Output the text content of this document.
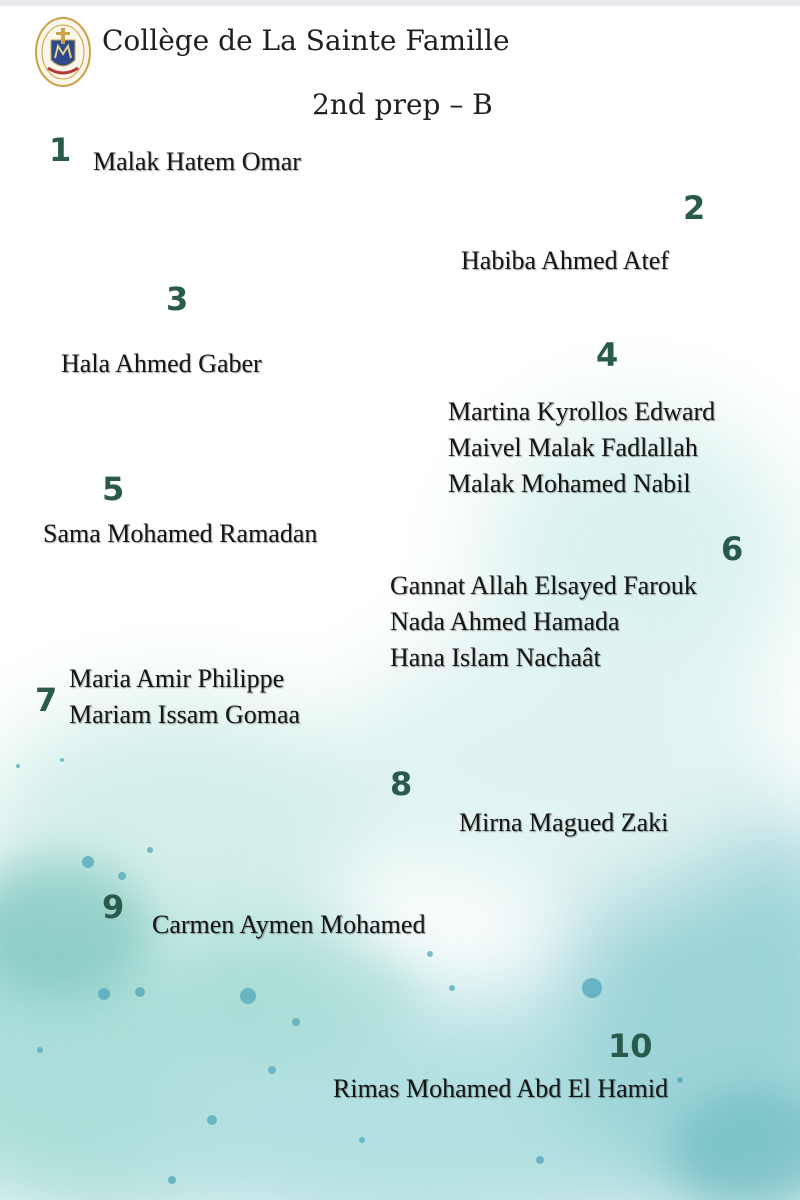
Collège de La Sainte Famille
2nd prep – B
1 Malak Hatem Omar
2
Habiba Ahmed Atef
3
Hala Ahmed Gaber	4
Martina Kyrollos Edward
Maivel Malak Fadlallah
Malak Mohamed Nabil
5
Sama Mohamed Ramadan	6
Gannat Allah Elsayed Farouk
Nada Ahmed Hamada
Hana Islam Nachaât
7
Maria Amir Philippe
Mariam Issam Gomaa
8
Mirna Magued Zaki
9 Carmen Aymen Mohamed
10
Rimas Mohamed Abd El Hamid
